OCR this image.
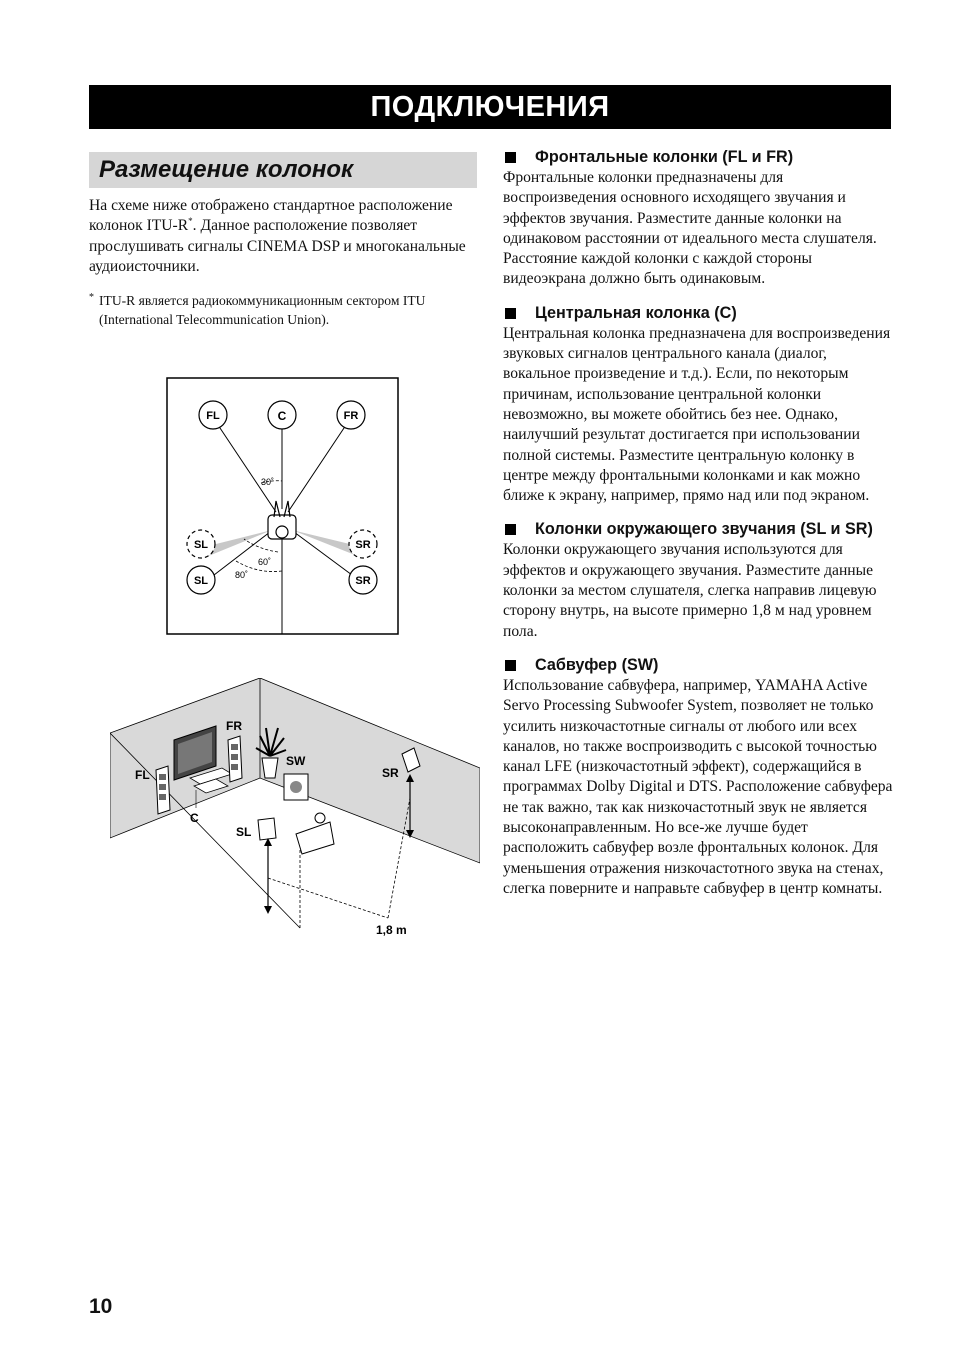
ПОДКЛЮЧЕНИЯ
Размещение колонок

На схеме ниже отображено стандартное расположение колонок ITU-R*. Данное расположение позволяет прослушивать сигналы CINEMA DSP и многоканальные аудиоисточники.

* ITU-R является радиокоммуникационным сектором ITU (International Telecommunication Union).

FL	C	FR
SL
SL
SR
SR
30˚
60˚
80˚
FR
FL
C
SW
SL
SR
1,8 m

Фронтальные колонки (FL и FR)

Фронтальные колонки предназначены для воспроизведения основного исходящего звучания и эффектов звучания. Разместите данные колонки на одинаковом расстоянии от идеального места слушателя. Расстояние каждой колонки с каждой стороны видеоэкрана должно быть одинаковым.

Центральная колонка (C)

Центральная колонка предназначена для воспроизведения звуковых сигналов центрального канала (диалог, вокальное произведение и т.д.). Если, по некоторым причинам, использование центральной колонки невозможно, вы можете обойтись без нее. Однако, наилучший результат достигается при использовании полной системы. Разместите центральную колонку в центре между фронтальными колонками и как можно ближе к экрану, например, прямо над или под экраном.

Колонки окружающего звучания (SL и SR)

Колонки окружающего звучания используются для эффектов и окружающего звучания. Разместите данные колонки за местом слушателя, слегка направив лицевую сторону внутрь, на высоте примерно 1,8 м над уровнем пола.

Сабвуфер (SW)

Использование сабвуфера, например, YAMAHA Active Servo Processing Subwoofer System, позволяет не только усилить низкочастотные сигналы от любого или всех каналов, но также воспроизводить с высокой точностью канал LFE (низкочастотный эффект), содержащийся в программах Dolby Digital и DTS. Расположение сабвуфера не так важно, так как низкочастотный звук не является высоконаправленным. Но все-же лучше будет расположить сабвуфер возле фронтальных колонок. Для уменьшения отражения низкочастотного звука на стенах, слегка поверните и направьте сабвуфер в центр комнаты.

10
